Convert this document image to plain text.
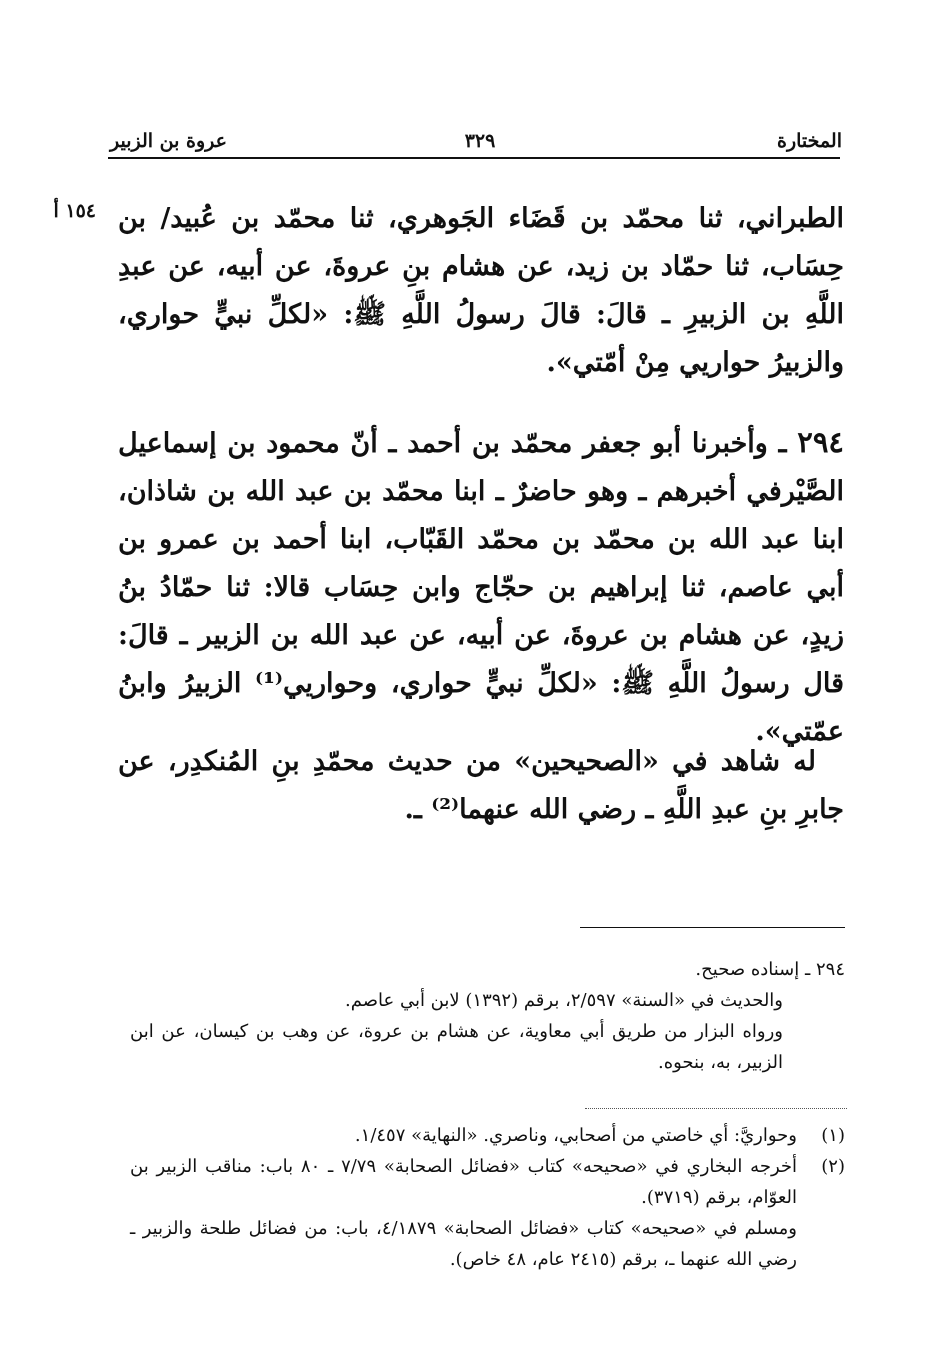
المختارة
٣٢٩
عروة بن الزبير
١٥٤ أ الطبراني، ثنا محمّد بن قَضَاء الجَوهري، ثنا محمّد بن عُبيد/ بن حِسَاب، ثنا حمّاد بن زيد، عن هشام بنِ عروةَ، عن أبيه، عن عبدِ اللَّهِ بن الزبيرِ ـ قالَ: قالَ رسولُ اللَّهِ ﷺ: «لكلِّ نبيٍّ حواري، والزبيرُ حواريي مِنْ أمّتي».
٢٩٤ ـ وأخبرنا أبو جعفر محمّد بن أحمد ـ أنّ محمود بن إسماعيل الصَّيْرفي أخبرهم ـ وهو حاضرٌ ـ ابنا محمّد بن عبد الله بن شاذان، ابنا عبد الله بن محمّد بن محمّد القَبّاب، ابنا أحمد بن عمرو بن أبي عاصم، ثنا إبراهيم بن حجّاج وابن حِسَاب قالا: ثنا حمّادُ بنُ زيدٍ، عن هشام بن عروةَ، عن أبيه، عن عبد الله بن الزبير ـ قالَ: قال رسولُ اللَّهِ ﷺ: «لكلِّ نبيٍّ حواري، وحواريي⁽¹⁾ الزبيرُ وابنُ عمّتي».
له شاهد في «الصحيحين» من حديث محمّدِ بنِ المُنكدِر، عن جابرِ بنِ عبدِ اللَّهِ ـ رضي الله عنهما⁽²⁾ ـ.
٢٩٤ ـ إسناده صحيح.
والحديث في «السنة» ٢/٥٩٧، برقم (١٣٩٢) لابن أبي عاصم.
ورواه البزار من طريق أبي معاوية، عن هشام بن عروة، عن وهب بن كيسان، عن ابن الزبير، به، بنحوه.
(١)
وحواريَّ: أي خاصتي من أصحابي، وناصري. «النهاية» ١/٤٥٧.
(٢)
أخرجه البخاري في «صحيحه» كتاب «فضائل الصحابة» ٧/٧٩ ـ ٨٠ باب: مناقب الزبير بن العوّام، برقم (٣٧١٩).
ومسلم في «صحيحه» كتاب «فضائل الصحابة» ٤/١٨٧٩، باب: من فضائل طلحة والزبير ـ رضي الله عنهما ـ، برقم (٢٤١٥ عام، ٤٨ خاص).
